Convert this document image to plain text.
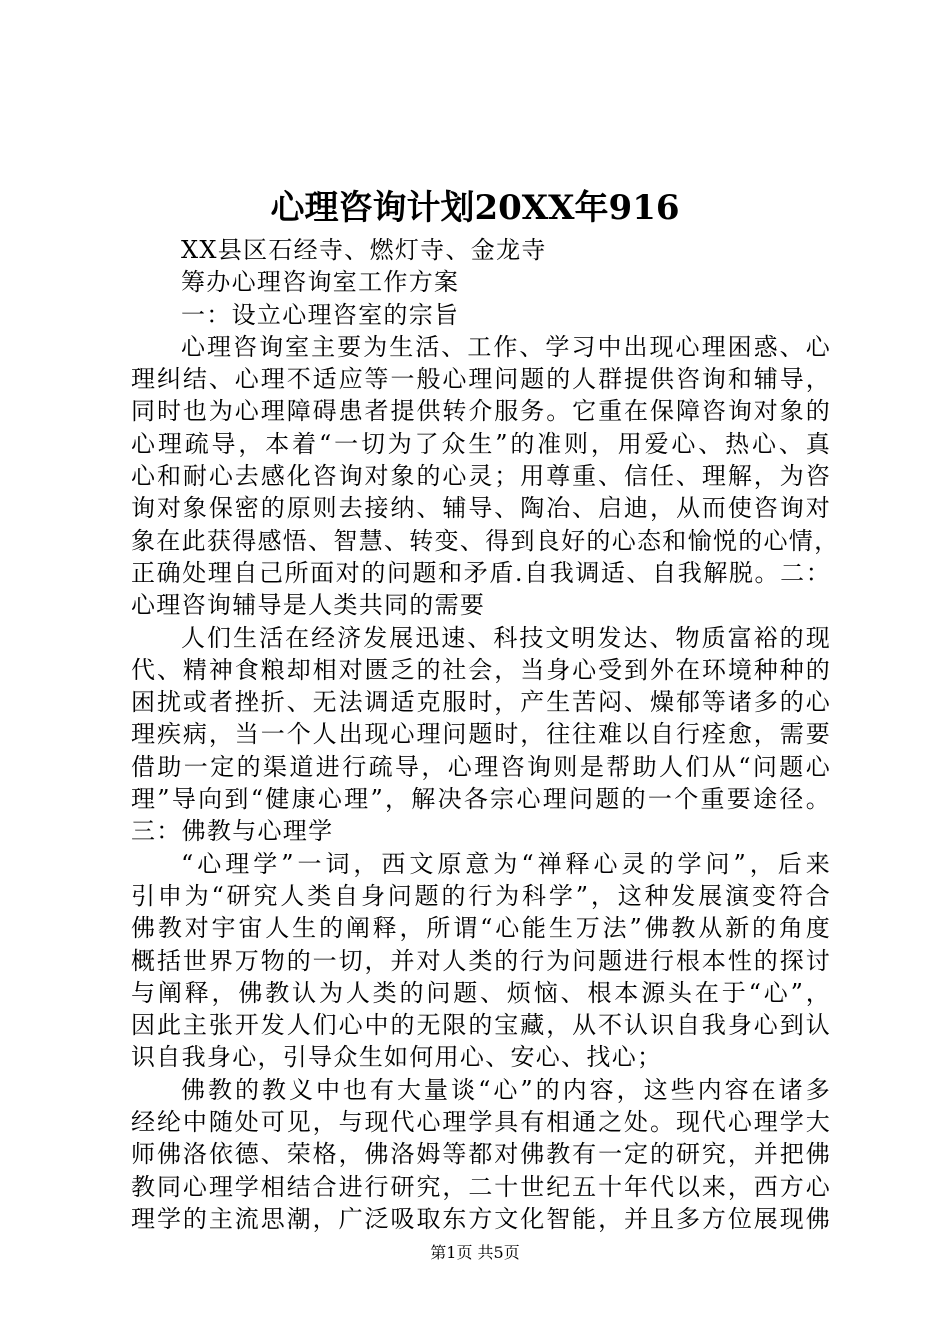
心理咨询计划20XX年916
XX县区石经寺、燃灯寺、金龙寺
筹办心理咨询室工作方案
一：设立心理咨室的宗旨
心理咨询室主要为生活、工作、学习中出现心理困惑、心
理纠结、心理不适应等一般心理问题的人群提供咨询和辅导，
同时也为心理障碍患者提供转介服务。它重在保障咨询对象的
心理疏导，本着“一切为了众生”的准则，用爱心、热心、真
心和耐心去感化咨询对象的心灵；用尊重、信任、理解，为咨
询对象保密的原则去接纳、辅导、陶冶、启迪，从而使咨询对
象在此获得感悟、智慧、转变、得到良好的心态和愉悦的心情，
正确处理自己所面对的问题和矛盾.自我调适、自我解脱。二：
心理咨询辅导是人类共同的需要
人们生活在经济发展迅速、科技文明发达、物质富裕的现
代、精神食粮却相对匮乏的社会，当身心受到外在环境种种的
困扰或者挫折、无法调适克服时，产生苦闷、燥郁等诸多的心
理疾病，当一个人出现心理问题时，往往难以自行痊愈，需要
借助一定的渠道进行疏导，心理咨询则是帮助人们从“问题心
理”导向到“健康心理”，解决各宗心理问题的一个重要途径。
三：佛教与心理学
“心理学”一词，西文原意为“禅释心灵的学问”，后来
引申为“研究人类自身问题的行为科学”，这种发展演变符合
佛教对宇宙人生的阐释，所谓“心能生万法”佛教从新的角度
概括世界万物的一切，并对人类的行为问题进行根本性的探讨
与阐释，佛教认为人类的问题、烦恼、根本源头在于“心”，
因此主张开发人们心中的无限的宝藏，从不认识自我身心到认
识自我身心，引导众生如何用心、安心、找心；
佛教的教义中也有大量谈“心”的内容，这些内容在诸多
经纶中随处可见，与现代心理学具有相通之处。现代心理学大
师佛洛依德、荣格，佛洛姆等都对佛教有一定的研究，并把佛
教同心理学相结合进行研究，二十世纪五十年代以来，西方心
理学的主流思潮，广泛吸取东方文化智能，并且多方位展现佛
第1页 共5页
